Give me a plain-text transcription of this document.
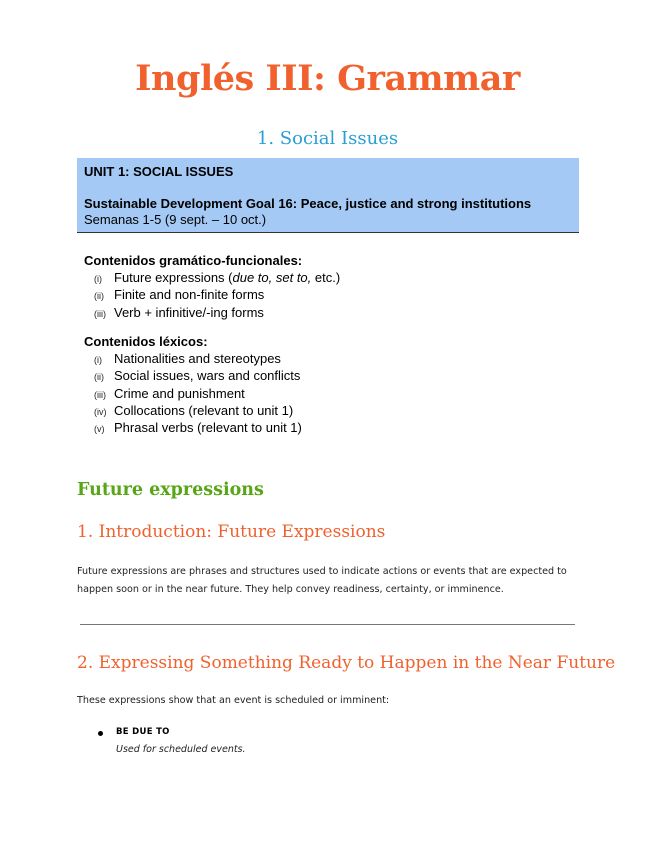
Inglés III: Grammar
1. Social Issues
UNIT 1: SOCIAL ISSUES
Sustainable Development Goal 16: Peace, justice and strong institutions
Semanas 1-5 (9 sept. – 10 oct.)
Contenidos gramático-funcionales:
(i) Future expressions (due to, set to, etc.)
(ii) Finite and non-finite forms
(iii) Verb + infinitive/-ing forms
Contenidos léxicos:
(i) Nationalities and stereotypes
(ii) Social issues, wars and conflicts
(iii) Crime and punishment
(iv) Collocations (relevant to unit 1)
(v) Phrasal verbs (relevant to unit 1)
Future expressions
1. Introduction: Future Expressions
Future expressions are phrases and structures used to indicate actions or events that are expected to happen soon or in the near future. They help convey readiness, certainty, or imminence.
2. Expressing Something Ready to Happen in the Near Future
These expressions show that an event is scheduled or imminent:
BE DUE TO
Used for scheduled events.
